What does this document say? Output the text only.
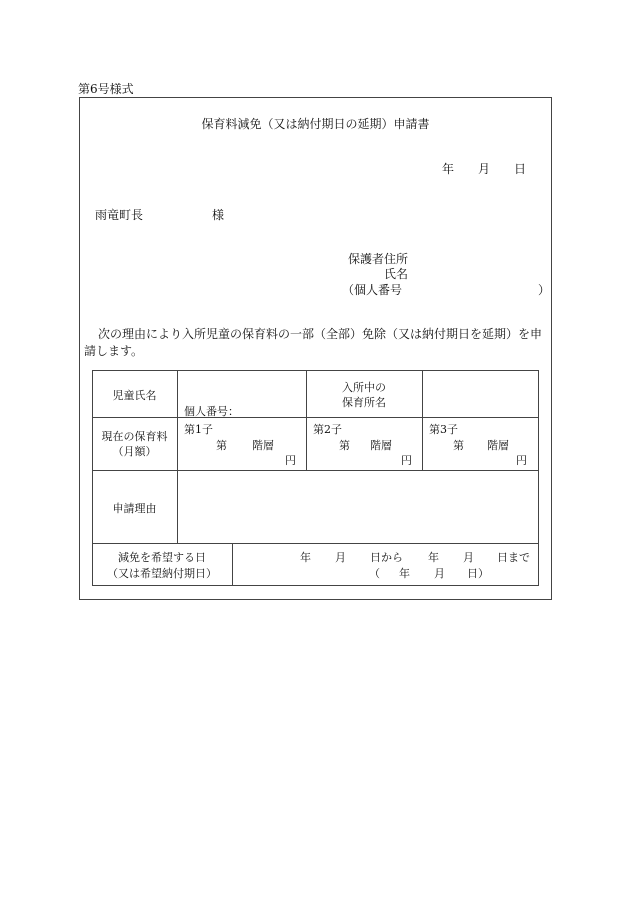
第6号様式
保育料減免（又は納付期日の延期）申請書
年 月 日
雨竜町長	様
保護者住所
氏名
（個人番号	）
次の理由により入所児童の保育料の一部（全部）免除（又は納付期日を延期）を申請します。
児童氏名
個人番号：
入所中の
保育所名
現在の保育料
（月額）
第1子
第 階層
円
第2子
第 階層
円
第3子
第 階層
円
申請理由
減免を希望する日
（又は希望納付期日）
年 月 日から 年 月 日まで
（ 年 月 日）
